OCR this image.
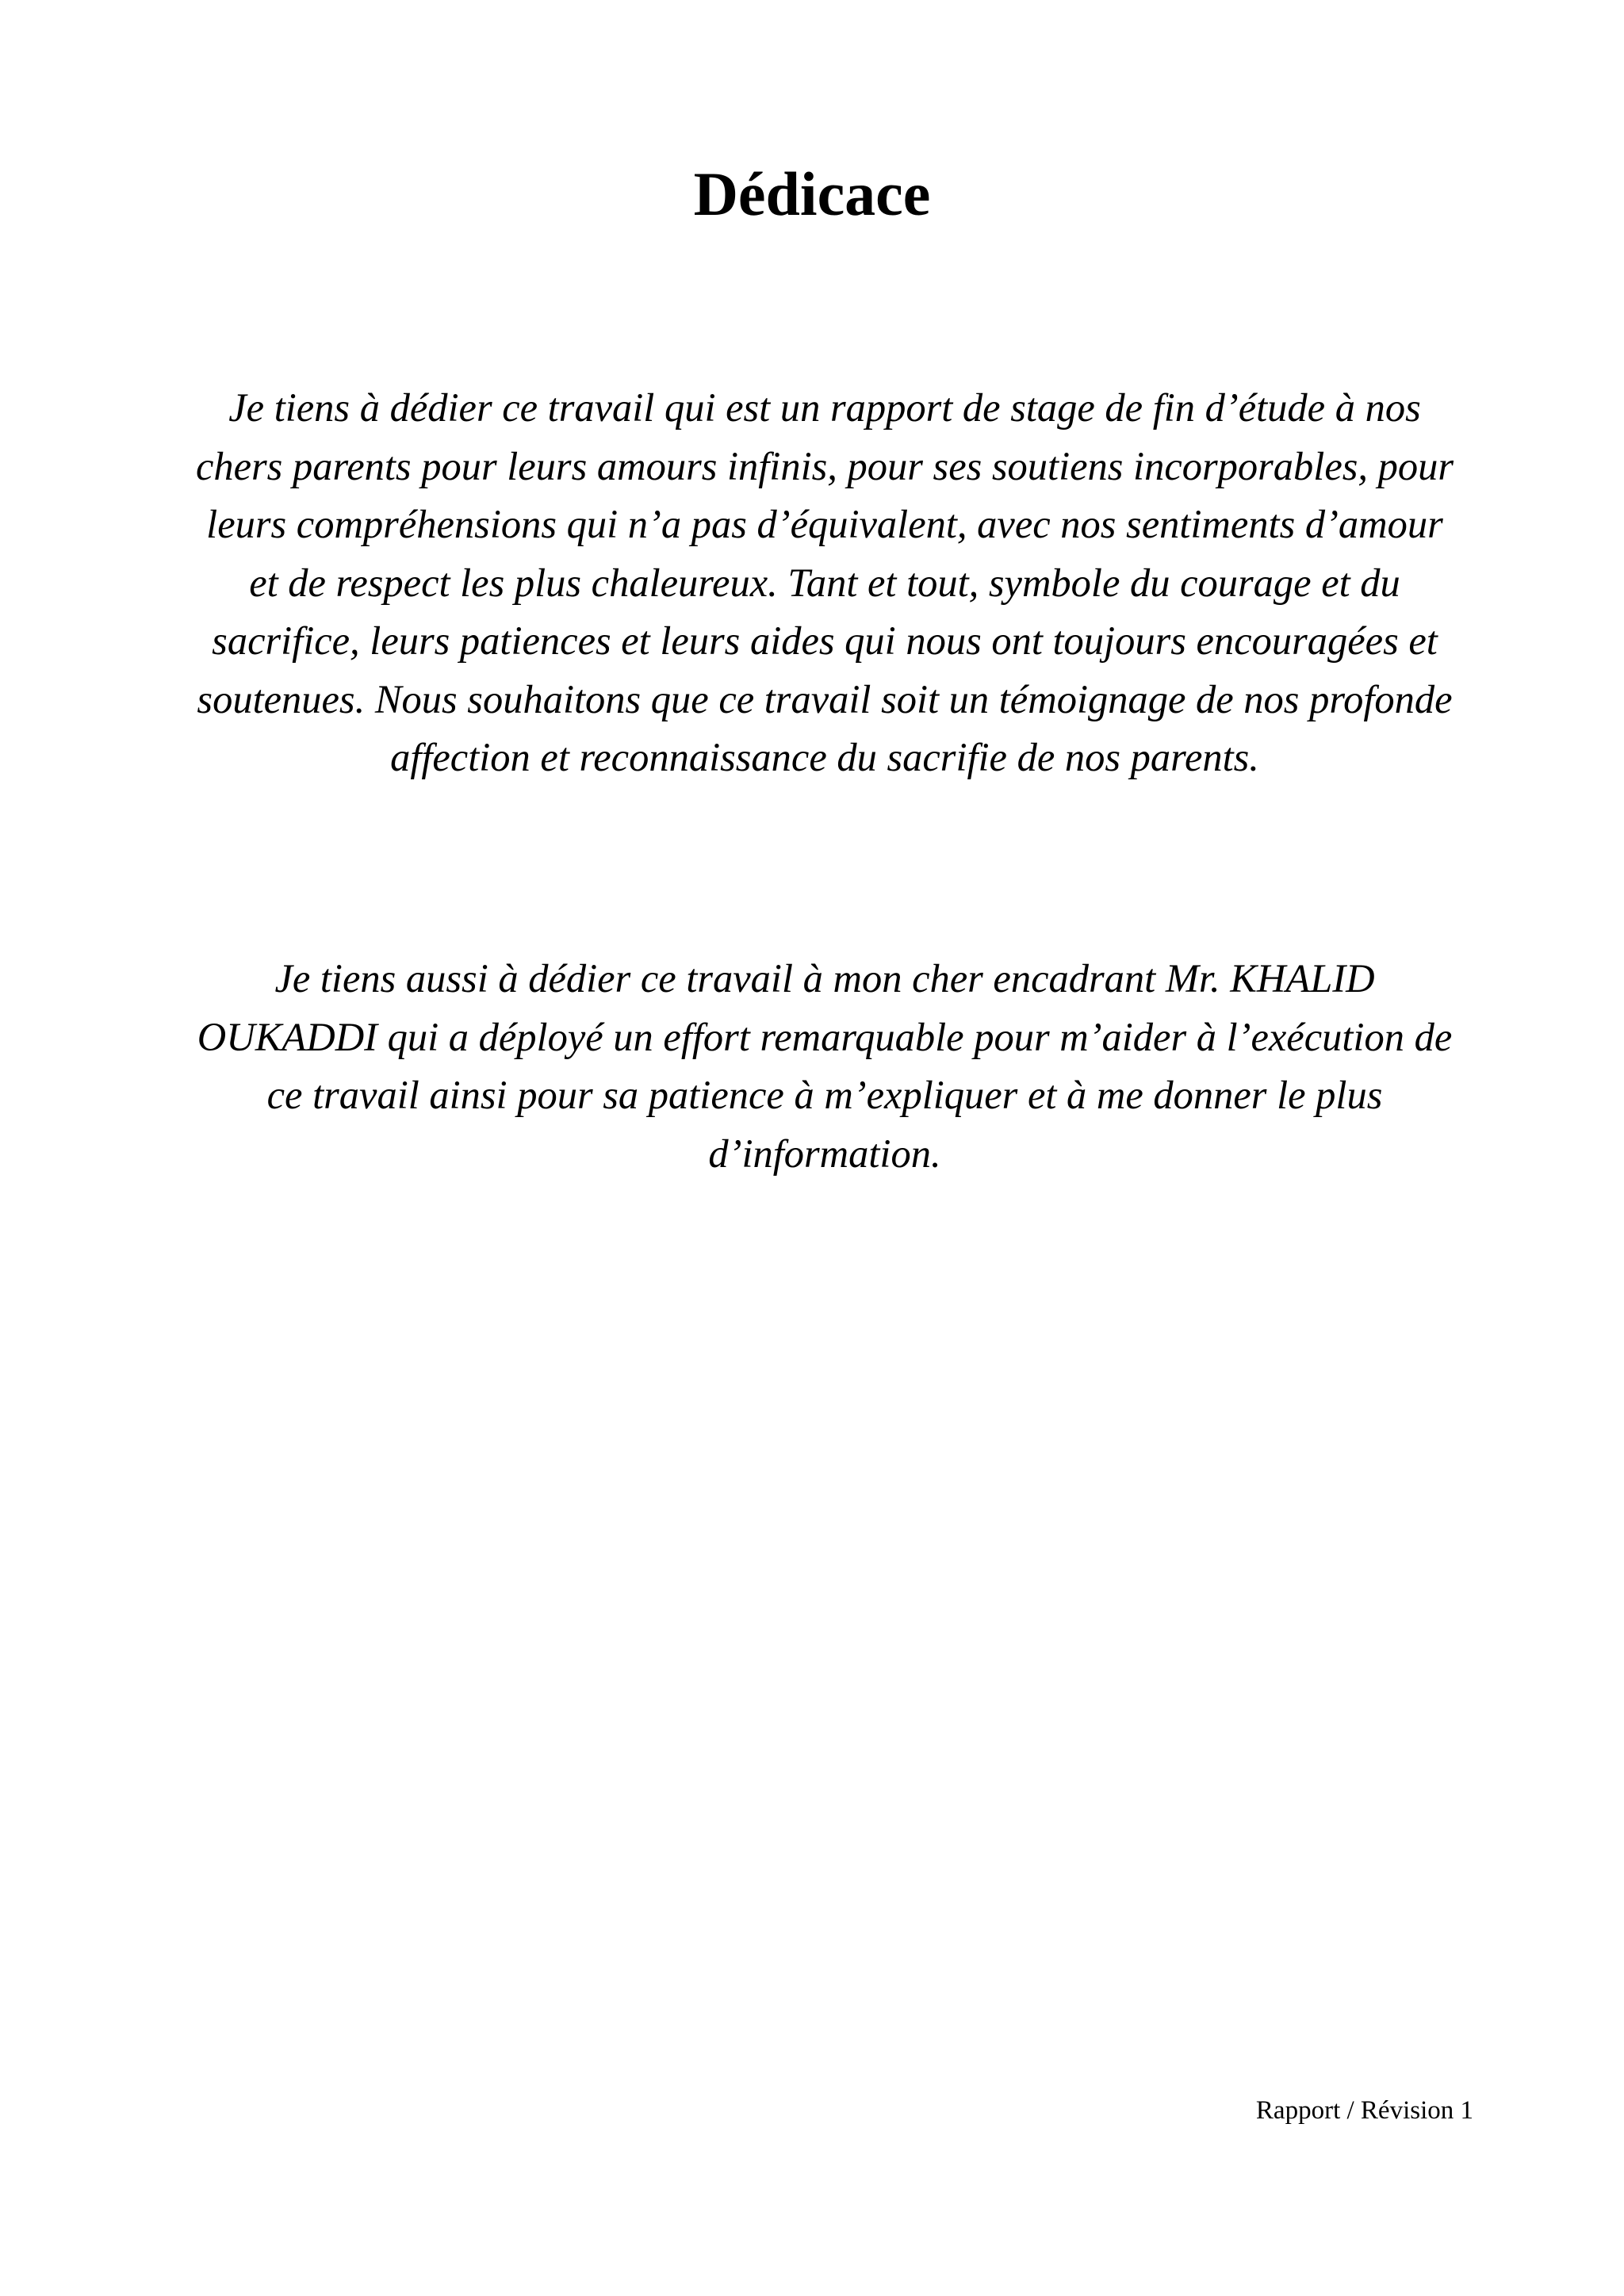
Dédicace

Je tiens à dédier ce travail qui est un rapport de stage de fin d’étude à nos chers parents pour leurs amours infinis, pour ses soutiens incorporables, pour leurs compréhensions qui n’a pas d’équivalent, avec nos sentiments d’amour et de respect les plus chaleureux. Tant et tout, symbole du courage et du sacrifice, leurs patiences et leurs aides qui nous ont toujours encouragées et soutenues. Nous souhaitons que ce travail soit un témoignage de nos profonde affection et reconnaissance du sacrifie de nos parents.

Je tiens aussi à dédier ce travail à mon cher encadrant Mr. KHALID OUKADDI qui a déployé un effort remarquable pour m’aider à l’exécution de ce travail ainsi pour sa patience à m’expliquer et à me donner le plus d’information.

Rapport / Révision 1
